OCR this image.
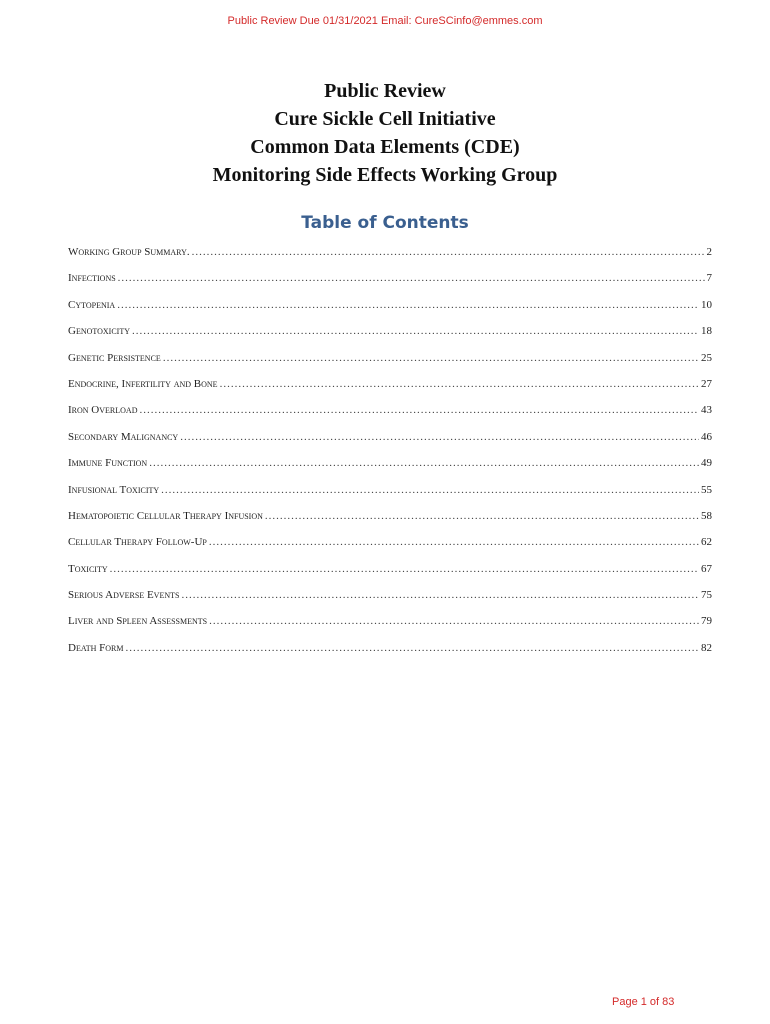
Public Review Due 01/31/2021 Email: CureSCinfo@emmes.com
Public Review
Cure Sickle Cell Initiative
Common Data Elements (CDE)
Monitoring Side Effects Working Group
Table of Contents
Working Group Summary. .....	2
Infections .....	7
Cytopenia .....	10
Genotoxicity .....	18
Genetic Persistence .....	25
Endocrine, Infertility and Bone .....	27
Iron Overload .....	43
Secondary Malignancy .....	46
Immune Function .....	49
Infusional Toxicity .....	55
Hematopoietic Cellular Therapy Infusion .....	58
Cellular Therapy Follow-Up .....	62
Toxicity .....	67
Serious Adverse Events .....	75
Liver and Spleen Assessments .....	79
Death Form .....	82
Page 1 of 83
